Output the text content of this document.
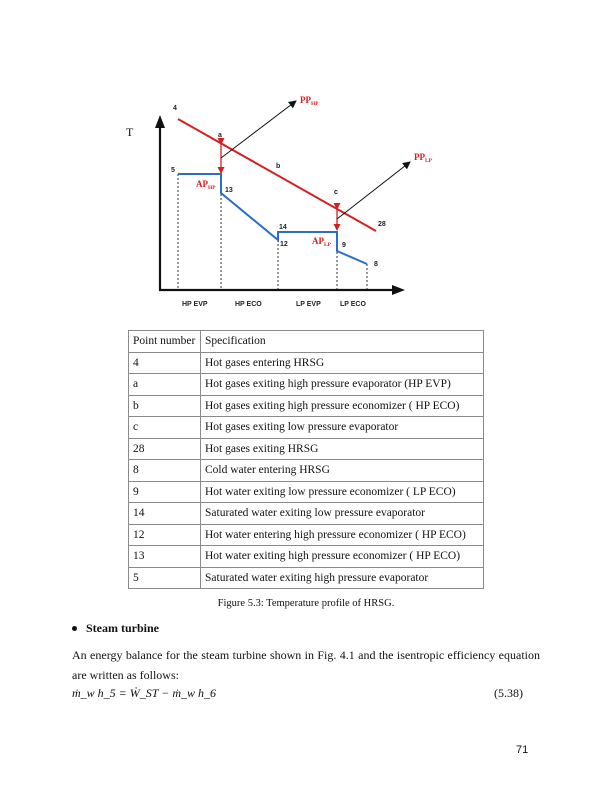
T
4
a
b
c
28
5
13
14
12	9
8
$PP_{HP}$
$PP_{LP}$
$AP_{HP}$
$AP_{LP}$
HP EVP	HP ECO	LP EVP	LP ECO
Point number	Specification
4	Hot gases entering HRSG
a	Hot gases exiting high pressure evaporator (HP EVP)
b	Hot gases exiting high pressure economizer ( HP ECO)
c	Hot gases exiting low pressure evaporator
28	Hot gases exiting HRSG
8	Cold water entering HRSG
9	Hot water exiting low pressure economizer ( LP ECO)
14	Saturated water exiting low pressure evaporator
12	Hot water entering high pressure economizer ( HP ECO)
13	Hot water exiting high pressure economizer ( HP ECO)
5	Saturated water exiting high pressure evaporator
Figure 5.3: Temperature profile of HRSG.
Steam turbine
An energy balance for the steam turbine shown in Fig. 4.1 and the isentropic efficiency equation are written as follows:
ṁ_w h_5 = Ẇ_ST − ṁ_w h_6	(5.38)
71
